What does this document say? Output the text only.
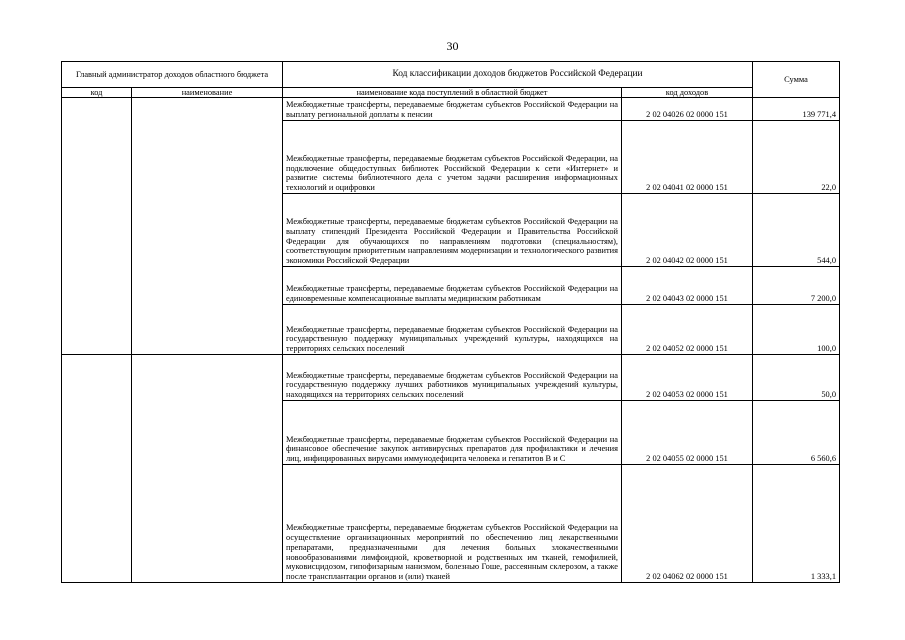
30
Главный администратор доходов областного бюджета		Код классификации доходов бюджетов Российской Федерации		Сумма
код	наименование	наименование кода поступлений в областной бюджет	код доходов	
		Межбюджетные трансферты, передаваемые бюджетам субъектов Российской Федерации на выплату региональной доплаты к пенсии	2 02 04026 02 0000 151	139 771,4
		Межбюджетные трансферты, передаваемые бюджетам субъектов Российской Федерации, на подключение общедоступных библиотек Российской Федерации к сети «Интернет» и развитие системы библиотечного дела с учетом задачи расширения информационных технологий и оцифровки	2 02 04041 02 0000 151	22,0
		Межбюджетные трансферты, передаваемые бюджетам субъектов Российской Федерации на выплату стипендий Президента Российской Федерации и Правительства Российской Федерации для обучающихся по направлениям подготовки (специальностям), соответствующим приоритетным направлениям модернизации и технологического развития экономики Российской Федерации	2 02 04042 02 0000 151	544,0
		Межбюджетные трансферты, передаваемые бюджетам субъектов Российской Федерации на единовременные компенсационные выплаты медицинским работникам	2 02 04043 02 0000 151	7 200,0
		Межбюджетные трансферты, передаваемые бюджетам субъектов Российской Федерации на государственную поддержку муниципальных учреждений культуры, находящихся на территориях сельских поселений	2 02 04052 02 0000 151	100,0
		Межбюджетные трансферты, передаваемые бюджетам субъектов Российской Федерации на государственную поддержку лучших работников муниципальных учреждений культуры, находящихся на территориях сельских поселений	2 02 04053 02 0000 151	50,0
		Межбюджетные трансферты, передаваемые бюджетам субъектов Российской Федерации на финансовое обеспечение закупок антивирусных препаратов для профилактики и лечения лиц, инфицированных вирусами иммунодефицита человека и гепатитов В и С	2 02 04055 02 0000 151	6 560,6
		Межбюджетные трансферты, передаваемые бюджетам субъектов Российской Федерации на осуществление организационных мероприятий по обеспечению лиц лекарственными препаратами, предназначенными для лечения больных злокачественными новообразованиями лимфоидной, кроветворной и родственных им тканей, гемофилией, муковисцидозом, гипофизарным нанизмом, болезнью Гоше, рассеянным склерозом, а также после трансплантации органов и (или) тканей	2 02 04062 02 0000 151	1 333,1
